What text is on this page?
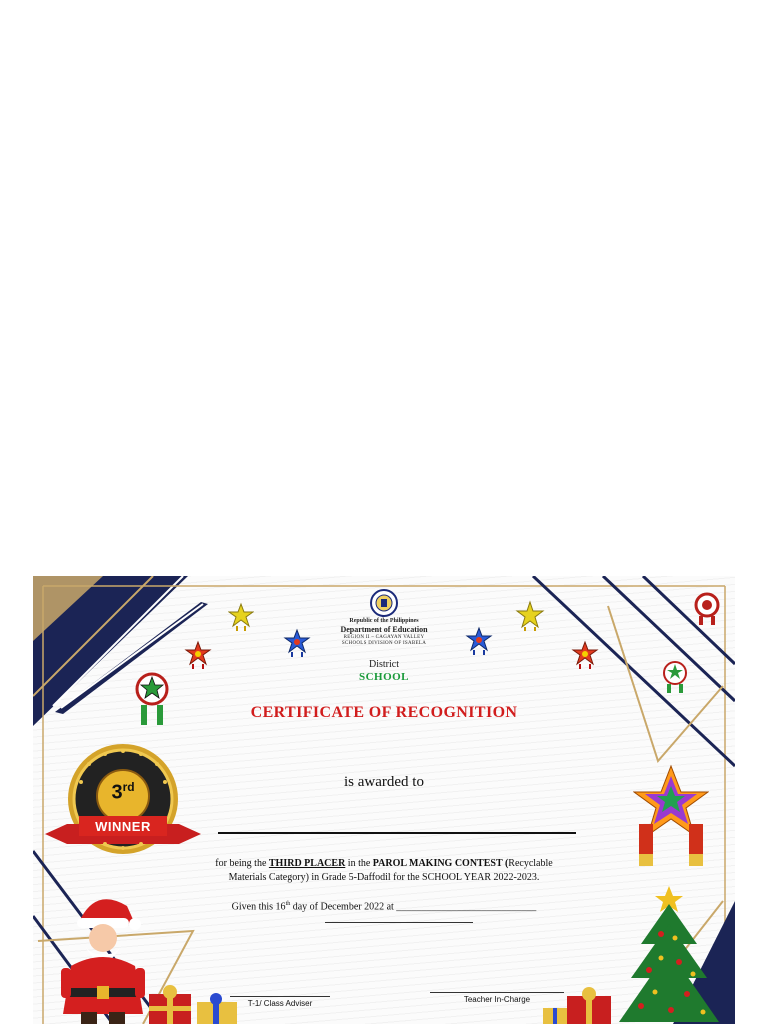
Republic of the Philippines
Department of Education
REGION II – CAGAYAN VALLEY
SCHOOLS DIVISION OF ISABELA
District
SCHOOL
CERTIFICATE OF RECOGNITION
is awarded to
3rd
WINNER
for being the THIRD PLACER in the PAROL MAKING CONTEST (Recyclable
Materials Category) in Grade 5-Daffodil for the SCHOOL YEAR 2022-2023.
Given this 16th day of December 2022 at ____________________________
T-1/ Class Adviser	Teacher In-Charge
